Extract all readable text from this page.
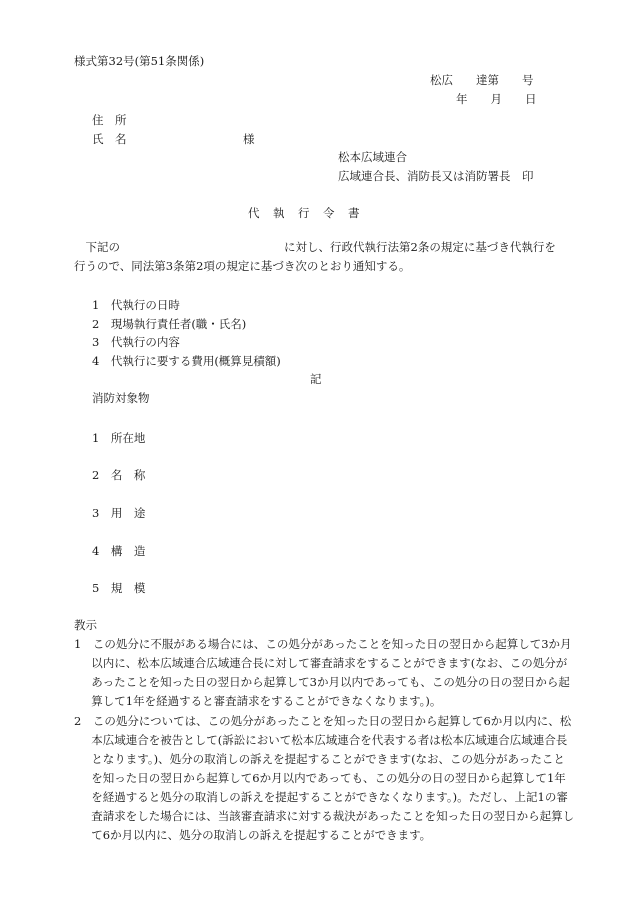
様式第32号(第51条関係)
松広　　達第　　号
年　　月　　日
住　所
氏　名	様
松本広域連合
広域連合長、消防長又は消防署長　印
代　執　行　令　書
下記の	に対し、行政代執行法第2条の規定に基づき代執行を行うので、同法第3条第2項の規定に基づき次のとおり通知する。
1　代執行の日時
2　現場執行責任者(職・氏名)
3　代執行の内容
4　代執行に要する費用(概算見積額)
記
消防対象物
1　所在地
2　名　称
3　用　途
4　構　造
5　規　模
教示
1　この処分に不服がある場合には、この処分があったことを知った日の翌日から起算して3か月以内に、松本広域連合広域連合長に対して審査請求をすることができます(なお、この処分があったことを知った日の翌日から起算して3か月以内であっても、この処分の日の翌日から起算して1年を経過すると審査請求をすることができなくなります。)。
2　この処分については、この処分があったことを知った日の翌日から起算して6か月以内に、松本広域連合を被告として(訴訟において松本広域連合を代表する者は松本広域連合広域連合長となります。)、処分の取消しの訴えを提起することができます(なお、この処分があったことを知った日の翌日から起算して6か月以内であっても、この処分の日の翌日から起算して1年を経過すると処分の取消しの訴えを提起することができなくなります。)。ただし、上記1の審査請求をした場合には、当該審査請求に対する裁決があったことを知った日の翌日から起算して6か月以内に、処分の取消しの訴えを提起することができます。
